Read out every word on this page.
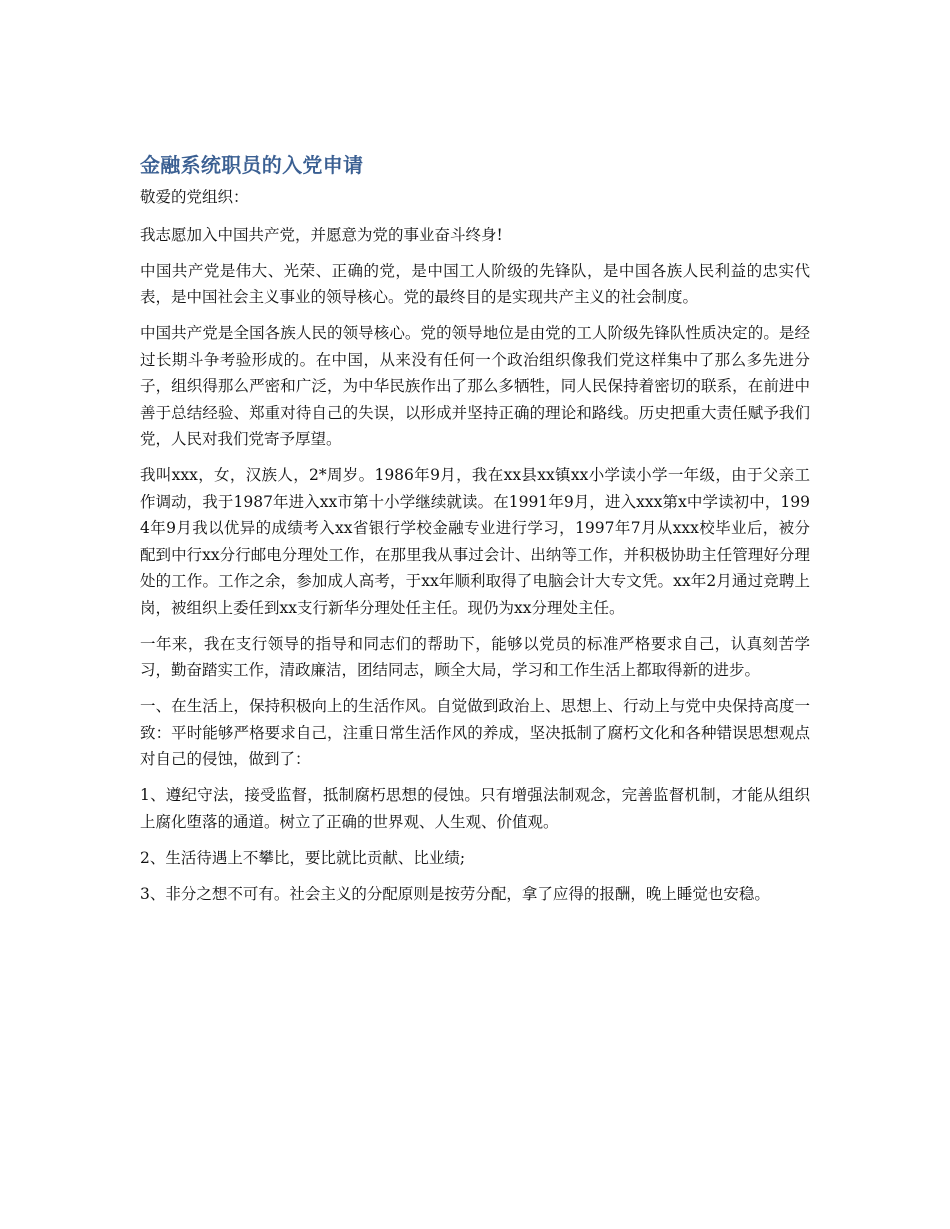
金融系统职员的入党申请

敬爱的党组织：

我志愿加入中国共产党，并愿意为党的事业奋斗终身!

中国共产党是伟大、光荣、正确的党，是中国工人阶级的先锋队，是中国各族人民利益的忠实代表，是中国社会主义事业的领导核心。党的最终目的是实现共产主义的社会制度。

中国共产党是全国各族人民的领导核心。党的领导地位是由党的工人阶级先锋队性质决定的。是经过长期斗争考验形成的。在中国，从来没有任何一个政治组织像我们党这样集中了那么多先进分子，组织得那么严密和广泛，为中华民族作出了那么多牺牲，同人民保持着密切的联系，在前进中善于总结经验、郑重对待自己的失误，以形成并坚持正确的理论和路线。历史把重大责任赋予我们党，人民对我们党寄予厚望。

我叫xxx，女，汉族人，2*周岁。1986年9月，我在xx县xx镇xx小学读小学一年级，由于父亲工作调动，我于1987年进入xx市第十小学继续就读。在1991年9月，进入xxx第x中学读初中，1994年9月我以优异的成绩考入xx省银行学校金融专业进行学习，1997年7月从xxx校毕业后，被分配到中行xx分行邮电分理处工作，在那里我从事过会计、出纳等工作，并积极协助主任管理好分理处的工作。工作之余，参加成人高考，于xx年顺利取得了电脑会计大专文凭。xx年2月通过竞聘上岗，被组织上委任到xx支行新华分理处任主任。现仍为xx分理处主任。

一年来，我在支行领导的指导和同志们的帮助下，能够以党员的标准严格要求自己，认真刻苦学习，勤奋踏实工作，清政廉洁，团结同志，顾全大局，学习和工作生活上都取得新的进步。

一、在生活上，保持积极向上的生活作风。自觉做到政治上、思想上、行动上与党中央保持高度一致：平时能够严格要求自己，注重日常生活作风的养成，坚决抵制了腐朽文化和各种错误思想观点对自己的侵蚀，做到了：

1、遵纪守法，接受监督，抵制腐朽思想的侵蚀。只有增强法制观念，完善监督机制，才能从组织上腐化堕落的通道。树立了正确的世界观、人生观、价值观。

2、生活待遇上不攀比，要比就比贡献、比业绩;

3、非分之想不可有。社会主义的分配原则是按劳分配，拿了应得的报酬，晚上睡觉也安稳。
